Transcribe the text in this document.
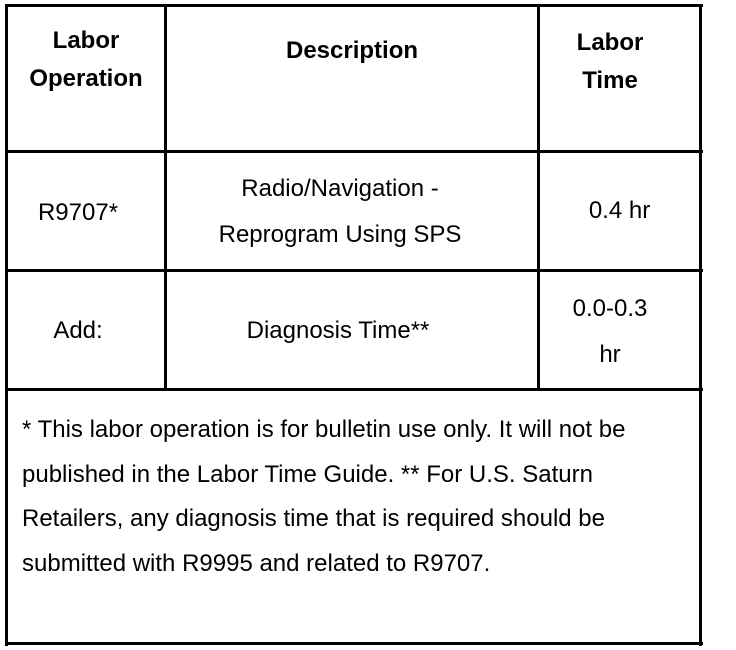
Labor Operation
Description	Labor Time
R9707*
Radio/Navigation - Reprogram Using SPS
0.4 hr
Add:	Diagnosis Time**
0.0-0.3 hr
* This labor operation is for bulletin use only. It will not be published in the Labor Time Guide. ** For U.S. Saturn Retailers, any diagnosis time that is required should be submitted with R9995 and related to R9707.
